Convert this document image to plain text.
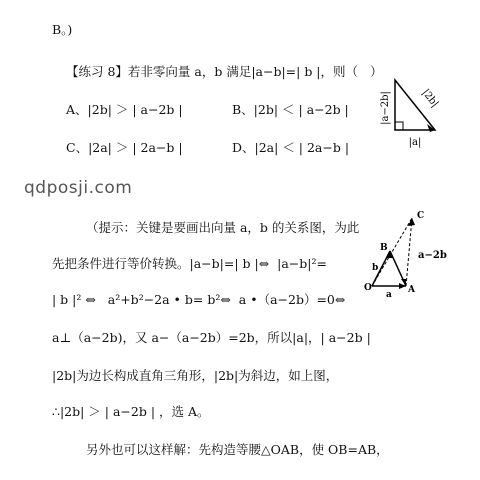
B。)
【练习 8】若非零向量 a，b 满足|a−b|=| b |，则（   ）
A、|2b| ＞ | a−2b |	B、|2b| ＜ | a−2b |
C、|2a| ＞ | 2a−b |	D、|2a| ＜ | 2a−b |
qdposji.com
|a−2b|	|2b|
|a|
（提示：关键是要画出向量 a，b 的关系图，为此
先把条件进行等价转换。|a−b|=| b |⇔  |a−b|²=
| b |² ⇔   a²+b²−2a • b= b²⇔  a •（a−2b）=0⇔
a⊥（a−2b)，又 a−（a−2b）=2b，所以|a|，| a−2b |
|2b|为边长构成直角三角形，|2b|为斜边，如上图，
∴|2b| ＞ | a−2b | ，选 A。
另外也可以这样解：先构造等腰△OAB，使 OB=AB，
C
B
O	A
b
a
a−2b
